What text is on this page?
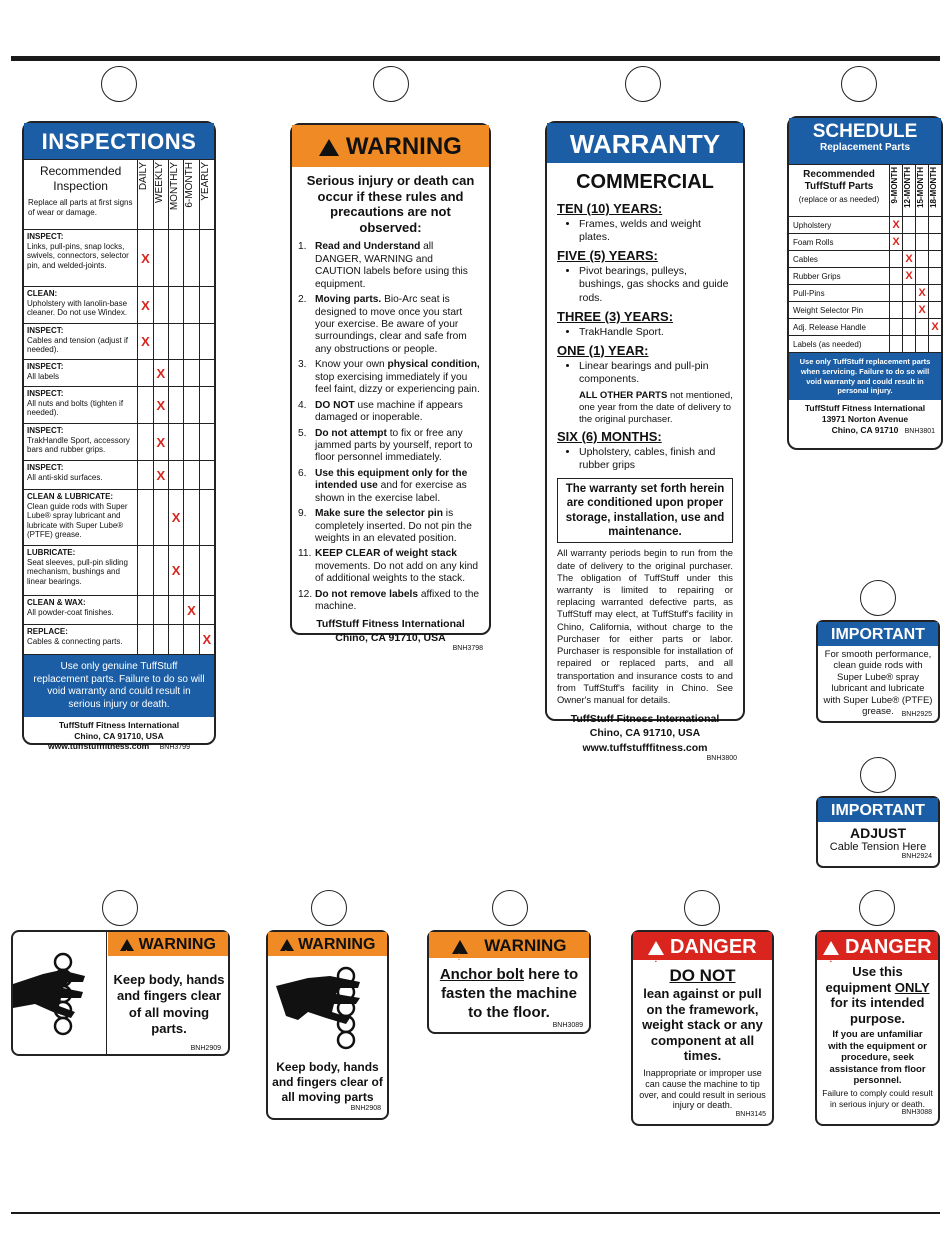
INSPECTIONS
Recommended Inspection
Replace all parts at first signs of wear or damage.	DAILY	WEEKLY	MONTHLY	6-MONTH	YEARLY

INSPECT:
Links, pull-pins, snap locks, swivels, connectors, selector pin, and welded-joints.	X				

CLEAN:
Upholstery with lanolin-base cleaner. Do not use Windex.	X				

INSPECT:
Cables and tension (adjust if needed).	X				

INSPECT:
All labels		X			

INSPECT:
All nuts and bolts (tighten if needed).		X			

INSPECT:
TrakHandle Sport, accessory bars and rubber grips.		X			

INSPECT:
All anti-skid surfaces.		X			

CLEAN & LUBRICATE:
Clean guide rods with Super Lube® spray lubricant and lubricate with Super Lube® (PTFE) grease.			X		

LUBRICATE:
Seat sleeves, pull-pin sliding mechanism, bushings and linear bearings.			X		

CLEAN & WAX:
All powder-coat finishes.				X	

REPLACE:
Cables & connecting parts.					X
Use only genuine TuffStuff replacement parts. Failure to do so will void warranty and could result in serious injury or death.
TuffStuff Fitness International
Chino, CA 91710, USA
www.tuffstufffitness.com BNH3799
!
WARNING
Serious injury or death can occur if these rules and precautions are not observed:
1. Read and Understand all DANGER, WARNING and CAUTION labels before using this equipment.
2. Moving parts. Bio-Arc seat is designed to move once you start your exercise. Be aware of your surroundings, clear and safe from any obstructions or people.
3. Know your own physical condition, stop exercising immediately if you feel faint, dizzy or experiencing pain.
4. DO NOT use machine if appears damaged or inoperable.
5. Do not attempt to fix or free any jammed parts by yourself, report to floor personnel immediately.
6. Use this equipment only for the intended use and for exercise as shown in the exercise label.
9. Make sure the selector pin is completely inserted. Do not pin the weights in an elevated position.
11. KEEP CLEAR of weight stack movements. Do not add on any kind of additional weights to the stack.
12. Do not remove labels affixed to the machine.
TuffStuff Fitness International
Chino, CA 91710, USA
BNH3798
WARRANTY
COMMERCIAL
TEN (10) YEARS:
• Frames, welds and weight plates.
FIVE (5) YEARS:
• Pivot bearings, pulleys, bushings, gas shocks and guide rods.
THREE (3) YEARS:
• TrakHandle Sport.
ONE (1) YEAR:
• Linear bearings and pull-pin components.
ALL OTHER PARTS not mentioned, one year from the date of delivery to the original purchaser.
SIX (6) MONTHS:
• Upholstery, cables, finish and rubber grips
The warranty set forth herein are conditioned upon proper storage, installation, use and maintenance.
All warranty periods begin to run from the date of delivery to the original purchaser. The obligation of TuffStuff under this warranty is limited to repairing or replacing warranted defective parts, as TuffStuff may elect, at TuffStuff's facility in Chino, California, without charge to the Purchaser for either parts or labor. Purchaser is responsible for installation of repaired or replaced parts, and all transportation and insurance costs to and from TuffStuff's facility in Chino. See Owner's manual for details.
TuffStuff Fitness International
Chino, CA 91710, USA
www.tuffstufffitness.com
BNH3800
SCHEDULE
Replacement Parts
Recommended TuffStuff Parts
(replace or as needed)	9-MONTH	12-MONTH	15-MONTH	18-MONTH

Upholstery	X			
Foam Rolls	X			
Cables		X		
Rubber Grips		X		
Pull-Pins			X	
Weight Selector Pin			X	
Adj. Release Handle				X
Labels (as needed)				
Use only TuffStuff replacement parts when servicing. Failure to do so will void warranty and could result in personal injury.
TuffStuff Fitness International
13971 Norton Avenue
Chino, CA 91710 BNH3801
IMPORTANT
For smooth performance, clean guide rods with Super Lube® spray lubricant and lubricate with Super Lube® (PTFE) grease.	BNH2925
IMPORTANT
ADJUST
Cable Tension Here
BNH2924
!
WARNING
Keep body, hands and fingers clear of all moving parts.
BNH2909
!
WARNING
Keep body, hands and fingers clear of all moving parts
BNH2908
!
WARNING
Anchor bolt here to fasten the machine to the floor.
BNH3089
!
DANGER
DO NOT
lean against or pull on the framework, weight stack or any component at all times.
Inappropriate or improper use can cause the machine to tip over, and could result in serious injury or death.
BNH3145
!
DANGER
Use this equipment ONLY for its intended purpose.
If you are unfamiliar with the equipment or procedure, seek assistance from floor personnel.
Failure to comply could result in serious injury or death.
BNH3088
